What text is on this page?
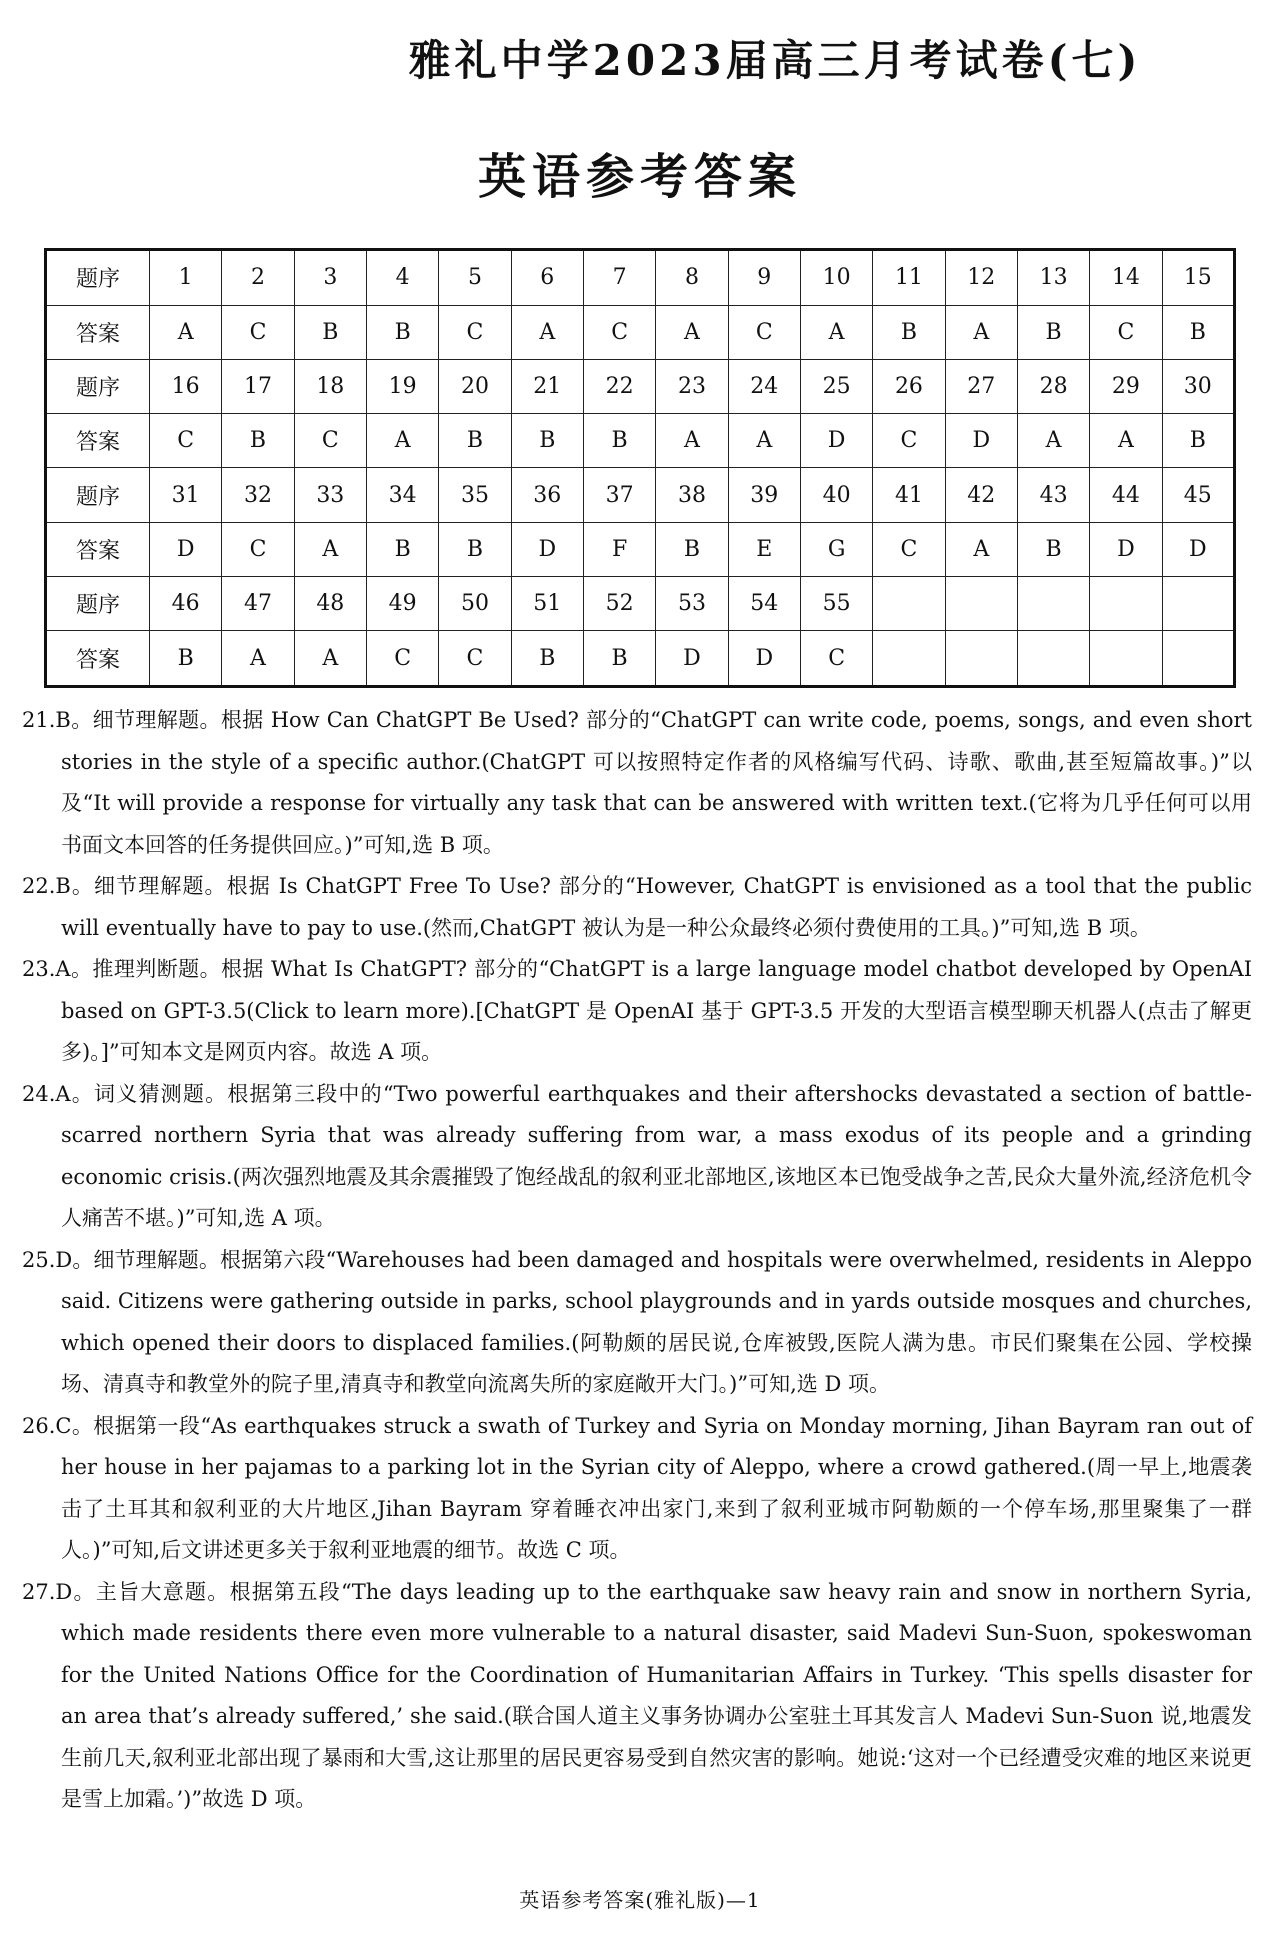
雅礼中学2023届高三月考试卷(七)
英语参考答案
题序	1	2	3	4	5	6	7	8	9	10	11	12	13	14	15
答案	A	C	B	B	C	A	C	A	C	A	B	A	B	C	B
题序	16	17	18	19	20	21	22	23	24	25	26	27	28	29	30
答案	C	B	C	A	B	B	B	A	A	D	C	D	A	A	B
题序	31	32	33	34	35	36	37	38	39	40	41	42	43	44	45
答案	D	C	A	B	B	D	F	B	E	G	C	A	B	D	D
题序	46	47	48	49	50	51	52	53	54	55					
答案	B	A	A	C	C	B	B	D	D	C					

21.B。细节理解题。根据 How Can ChatGPT Be Used? 部分的“ChatGPT can write code, poems, songs, and even short stories in the style of a specific author.(ChatGPT 可以按照特定作者的风格编写代码、诗歌、歌曲,甚至短篇故事。)”以及“It will provide a response for virtually any task that can be answered with written text.(它将为几乎任何可以用书面文本回答的任务提供回应。)”可知,选 B 项。

22.B。细节理解题。根据 Is ChatGPT Free To Use? 部分的“However, ChatGPT is envisioned as a tool that the public will eventually have to pay to use.(然而,ChatGPT 被认为是一种公众最终必须付费使用的工具。)”可知,选 B 项。

23.A。推理判断题。根据 What Is ChatGPT? 部分的“ChatGPT is a large language model chatbot developed by OpenAI based on GPT-3.5(Click to learn more).[ChatGPT 是 OpenAI 基于 GPT-3.5 开发的大型语言模型聊天机器人(点击了解更多)。]”可知本文是网页内容。故选 A 项。

24.A。词义猜测题。根据第三段中的“Two powerful earthquakes and their aftershocks devastated a section of battle-scarred northern Syria that was already suffering from war, a mass exodus of its people and a grinding economic crisis.(两次强烈地震及其余震摧毁了饱经战乱的叙利亚北部地区,该地区本已饱受战争之苦,民众大量外流,经济危机令人痛苦不堪。)”可知,选 A 项。

25.D。细节理解题。根据第六段“Warehouses had been damaged and hospitals were overwhelmed, residents in Aleppo said. Citizens were gathering outside in parks, school playgrounds and in yards outside mosques and churches, which opened their doors to displaced families.(阿勒颇的居民说,仓库被毁,医院人满为患。市民们聚集在公园、学校操场、清真寺和教堂外的院子里,清真寺和教堂向流离失所的家庭敞开大门。)”可知,选 D 项。

26.C。根据第一段“As earthquakes struck a swath of Turkey and Syria on Monday morning, Jihan Bayram ran out of her house in her pajamas to a parking lot in the Syrian city of Aleppo, where a crowd gathered.(周一早上,地震袭击了土耳其和叙利亚的大片地区,Jihan Bayram 穿着睡衣冲出家门,来到了叙利亚城市阿勒颇的一个停车场,那里聚集了一群人。)”可知,后文讲述更多关于叙利亚地震的细节。故选 C 项。

27.D。主旨大意题。根据第五段“The days leading up to the earthquake saw heavy rain and snow in northern Syria, which made residents there even more vulnerable to a natural disaster, said Madevi Sun-Suon, spokeswoman for the United Nations Office for the Coordination of Humanitarian Affairs in Turkey. ‘This spells disaster for an area that’s already suffered,’ she said.(联合国人道主义事务协调办公室驻土耳其发言人 Madevi Sun-Suon 说,地震发生前几天,叙利亚北部出现了暴雨和大雪,这让那里的居民更容易受到自然灾害的影响。她说:‘这对一个已经遭受灾难的地区来说更是雪上加霜。’)”故选 D 项。

英语参考答案(雅礼版)—1
